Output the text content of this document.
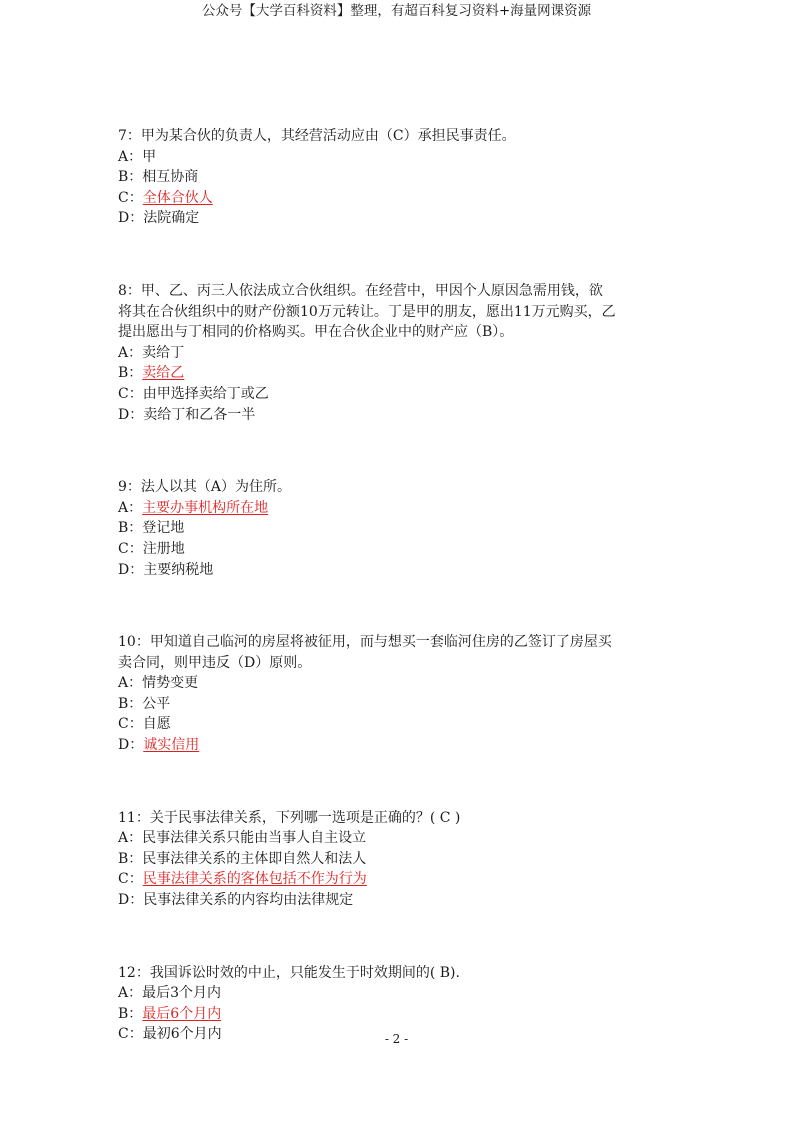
公众号【大学百科资料】整理，有超百科复习资料+海量网课资源
7：甲为某合伙的负责人，其经营活动应由（C）承担民事责任。
A：甲
B：相互协商
C：全体合伙人
D：法院确定
8：甲、乙、丙三人依法成立合伙组织。在经营中，甲因个人原因急需用钱，欲
将其在合伙组织中的财产份额10万元转让。丁是甲的朋友，愿出11万元购买，乙
提出愿出与丁相同的价格购买。甲在合伙企业中的财产应（B）。
A：卖给丁
B：卖给乙
C：由甲选择卖给丁或乙
D：卖给丁和乙各一半
9：法人以其（A）为住所。
A：主要办事机构所在地
B：登记地
C：注册地
D：主要纳税地
10：甲知道自己临河的房屋将被征用，而与想买一套临河住房的乙签订了房屋买
卖合同，则甲违反（D）原则。
A：情势变更
B：公平
C：自愿
D：诚实信用
11：关于民事法律关系，下列哪一选项是正确的？( C )
A：民事法律关系只能由当事人自主设立
B：民事法律关系的主体即自然人和法人
C：民事法律关系的客体包括不作为行为
D：民事法律关系的内容均由法律规定
12：我国诉讼时效的中止，只能发生于时效期间的( B).
A：最后3个月内
B：最后6个月内
C：最初6个月内	- 2 -
